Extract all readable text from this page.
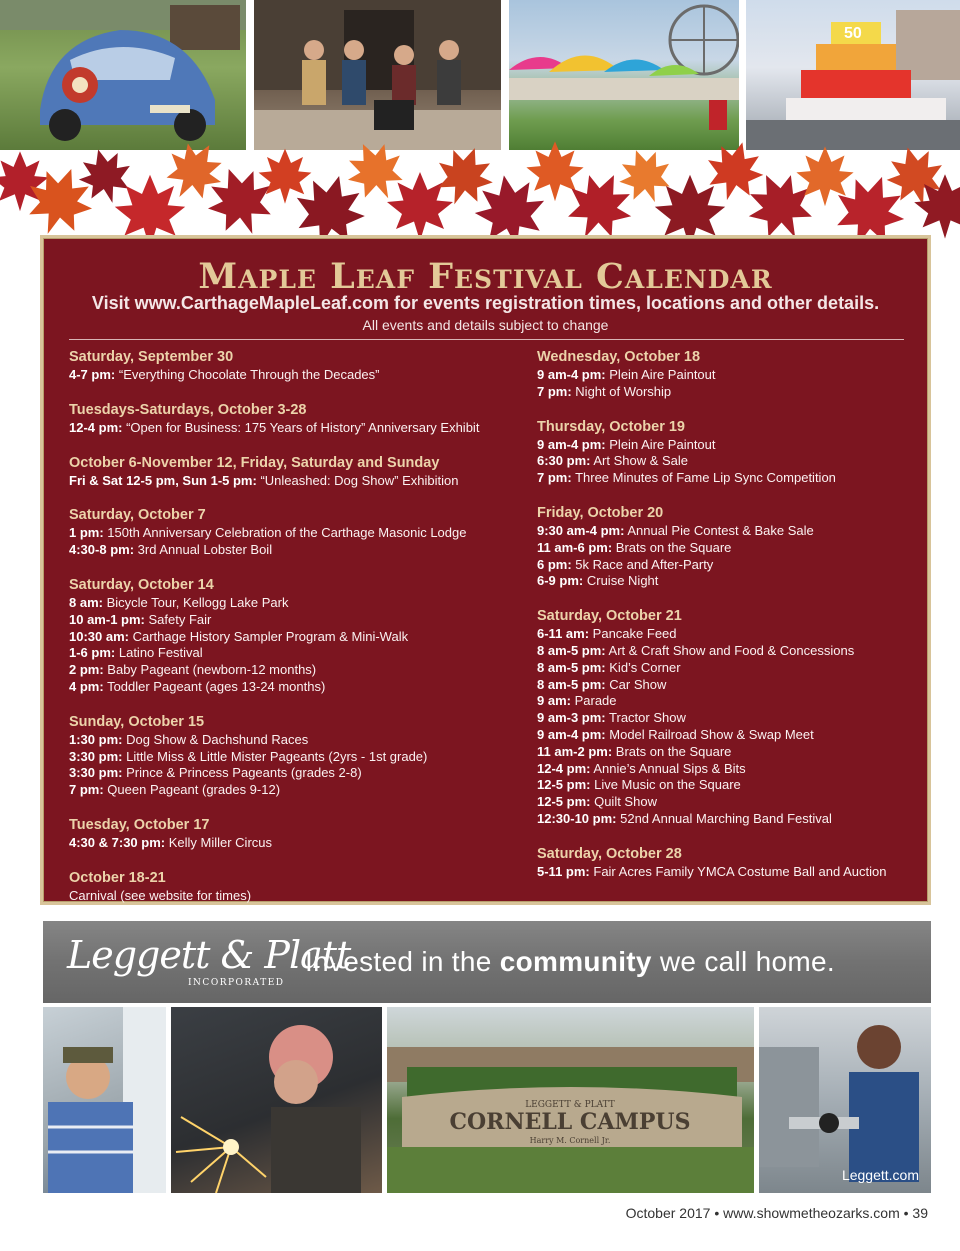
50
Maple Leaf Festival Calendar
Visit www.CarthageMapleLeaf.com for events registration times, locations and other details.
All events and details subject to change
Saturday, September 30
4-7 pm: “Everything Chocolate Through the Decades”
Tuesdays-Saturdays, October 3-28
12-4 pm: “Open for Business: 175 Years of History” Anniversary Exhibit
October 6-November 12, Friday, Saturday and Sunday
Fri & Sat 12-5 pm, Sun 1-5 pm: “Unleashed: Dog Show” Exhibition
Saturday, October 7
1 pm: 150th Anniversary Celebration of the Carthage Masonic Lodge
4:30-8 pm: 3rd Annual Lobster Boil
Saturday, October 14
8 am: Bicycle Tour, Kellogg Lake Park
10 am-1 pm: Safety Fair
10:30 am: Carthage History Sampler Program & Mini-Walk
1-6 pm: Latino Festival
2 pm: Baby Pageant (newborn-12 months)
4 pm: Toddler Pageant (ages 13-24 months)
Sunday, October 15
1:30 pm: Dog Show & Dachshund Races
3:30 pm: Little Miss & Little Mister Pageants (2yrs - 1st grade)
3:30 pm: Prince & Princess Pageants (grades 2-8)
7 pm: Queen Pageant (grades 9-12)
Tuesday, October 17
4:30 & 7:30 pm: Kelly Miller Circus
October 18-21
Carnival (see website for times)
Wednesday, October 18
9 am-4 pm: Plein Aire Paintout
7 pm: Night of Worship
Thursday, October 19
9 am-4 pm: Plein Aire Paintout
6:30 pm: Art Show & Sale
7 pm: Three Minutes of Fame Lip Sync Competition
Friday, October 20
9:30 am-4 pm: Annual Pie Contest & Bake Sale
11 am-6 pm: Brats on the Square
6 pm: 5k Race and After-Party
6-9 pm: Cruise Night
Saturday, October 21
6-11 am: Pancake Feed
8 am-5 pm: Art & Craft Show and Food & Concessions
8 am-5 pm: Kid’s Corner
8 am-5 pm: Car Show
9 am: Parade
9 am-3 pm: Tractor Show
9 am-4 pm: Model Railroad Show & Swap Meet
11 am-2 pm: Brats on the Square
12-4 pm: Annie’s Annual Sips & Bits
12-5 pm: Live Music on the Square
12-5 pm: Quilt Show
12:30-10 pm: 52nd Annual Marching Band Festival
Saturday, October 28
5-11 pm: Fair Acres Family YMCA Costume Ball and Auction
Leggett & Platt
INCORPORATED
Invested in the community we call home.
LEGGETT & PLATT
CORNELL CAMPUS
Harry M. Cornell Jr.
Leggett.com
October 2017 • www.showmetheozarks.com • 39
